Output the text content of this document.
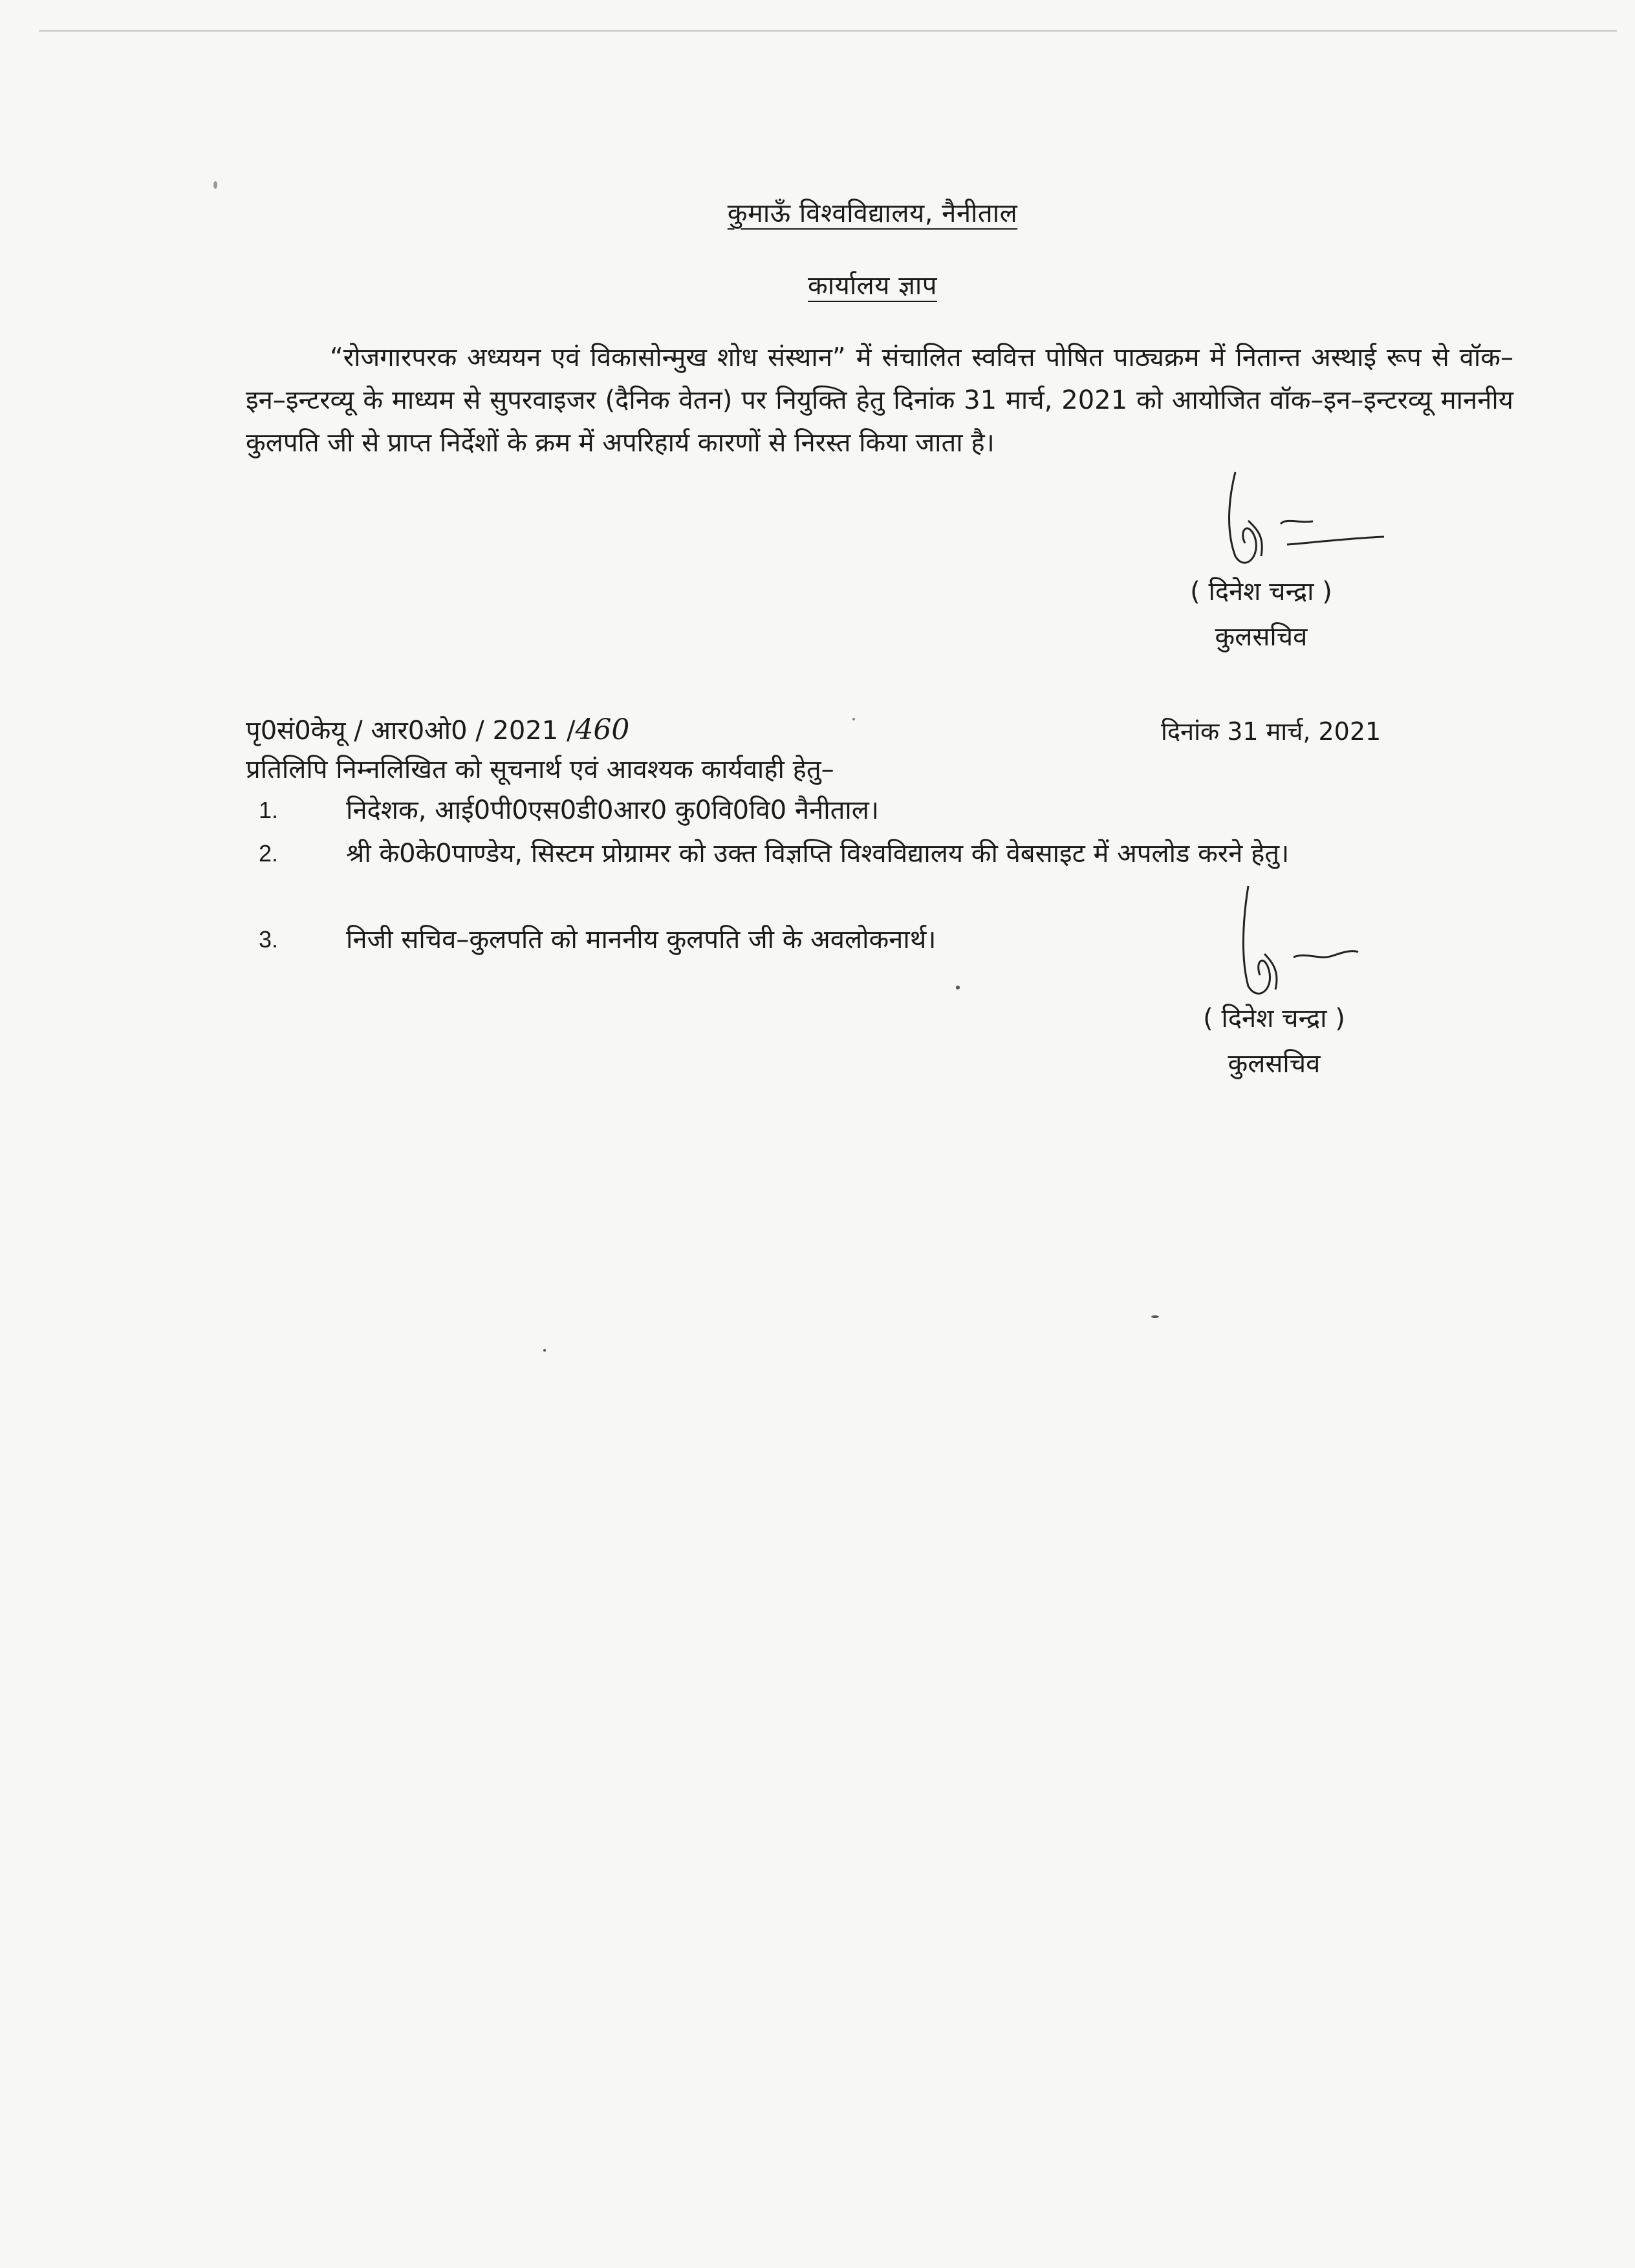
कुमाऊँ विश्वविद्यालय, नैनीताल
कार्यालय ज्ञाप
“रोजगारपरक अध्ययन एवं विकासोन्मुख शोध संस्थान” में संचालित स्ववित्त पोषित पाठ्यक्रम में नितान्त अस्थाई रूप से वॉक–इन–इन्टरव्यू के माध्यम से सुपरवाइजर (दैनिक वेतन) पर नियुक्ति हेतु दिनांक 31 मार्च, 2021 को आयोजित वॉक–इन–इन्टरव्यू माननीय कुलपति जी से प्राप्त निर्देशों के क्रम में अपरिहार्य कारणों से निरस्त किया जाता है।
( दिनेश चन्द्रा )
कुलसचिव
पृ0सं0केयू / आर0ओ0 / 2021 /460	दिनांक 31 मार्च, 2021
प्रतिलिपि निम्नलिखित को सूचनार्थ एवं आवश्यक कार्यवाही हेतु–
1.	निदेशक, आई0पी0एस0डी0आर0 कु0वि0वि0 नैनीताल।
2.	श्री के0के0पाण्डेय, सिस्टम प्रोग्रामर को उक्त विज्ञप्ति विश्वविद्यालय की वेबसाइट में अपलोड करने हेतु।
3.	निजी सचिव–कुलपति को माननीय कुलपति जी के अवलोकनार्थ।
( दिनेश चन्द्रा )
कुलसचिव
